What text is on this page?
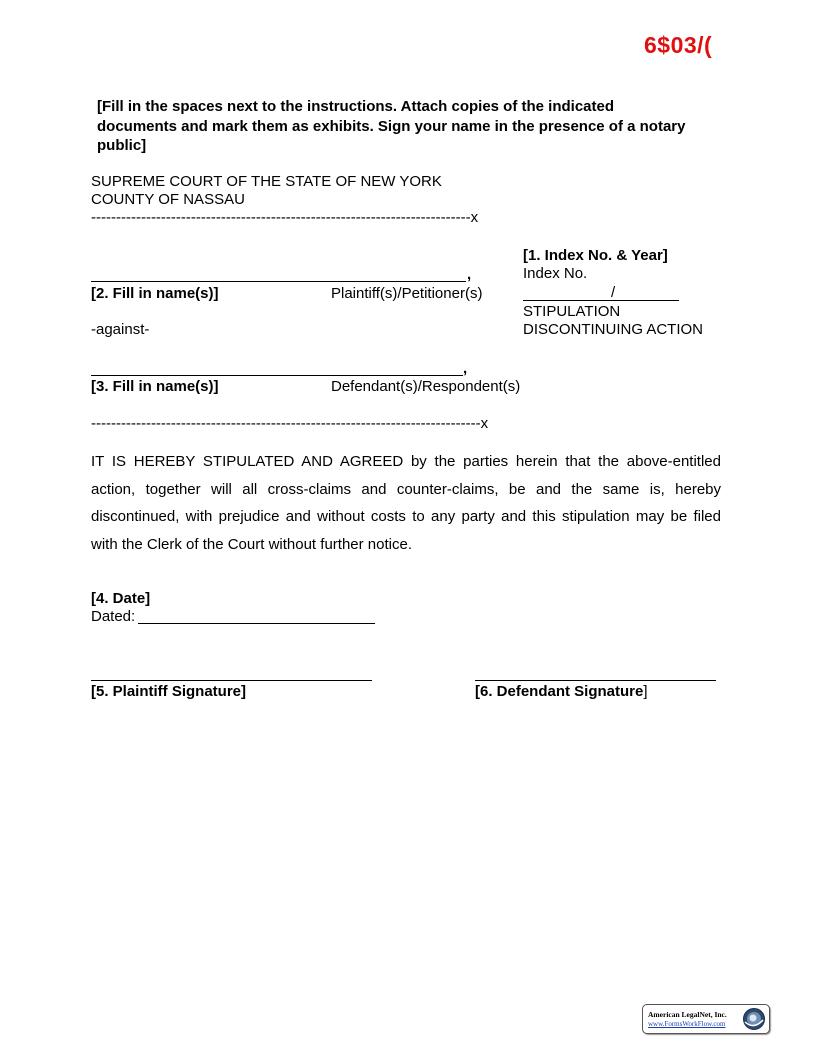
6$03/(
[Fill in the spaces next to the instructions. Attach copies of the indicated documents and mark them as exhibits. Sign your name in the presence of a notary public]
SUPREME COURT OF THE STATE OF NEW YORK
COUNTY OF NASSAU
----------------------------------------------------------------------------x
,
[2. Fill in name(s)]	Plaintiff(s)/Petitioner(s)
-against-
,
[3. Fill in name(s)]	Defendant(s)/Respondent(s)
[1. Index No. & Year]
Index No.
/
STIPULATION
DISCONTINUING ACTION
------------------------------------------------------------------------------x
IT IS HEREBY STIPULATED AND AGREED by the parties herein that the above-entitled action, together will all cross-claims and counter-claims, be and the same is, hereby discontinued, with prejudice and without costs to any party and this stipulation may be filed with the Clerk of the Court without further notice.
[4. Date]
Dated:
[5. Plaintiff Signature]	[6. Defendant Signature]
American LegalNet, Inc.
www.FormsWorkFlow.com
